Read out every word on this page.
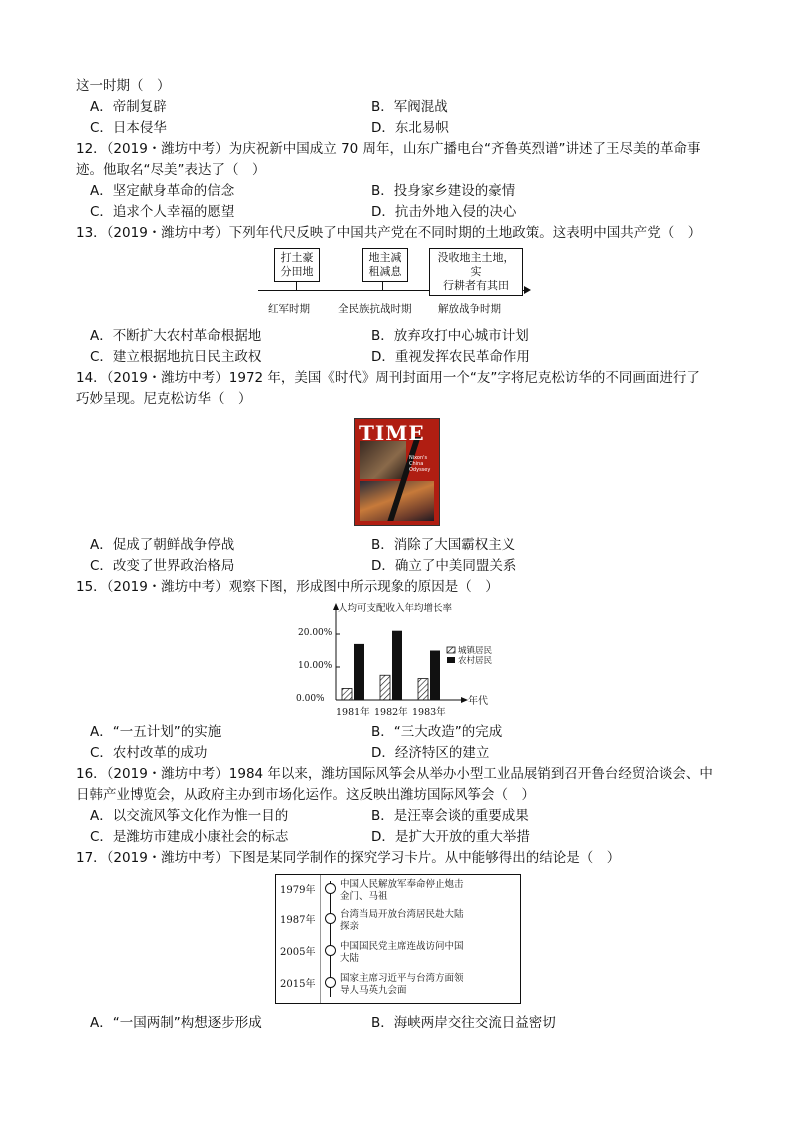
这一时期（　）
A．帝制复辟	B．军阀混战
C．日本侵华	D．东北易帜
12．（2019・潍坊中考）为庆祝新中国成立 70 周年，山东广播电台“齐鲁英烈谱”讲述了王尽美的革命事
迹。他取名“尽美”表达了（　）
A．坚定献身革命的信念	B．投身家乡建设的豪情
C．追求个人幸福的愿望	D．抗击外地入侵的决心
13．（2019・潍坊中考）下列年代尺反映了中国共产党在不同时期的土地政策。这表明中国共产党（　）
打土豪
分田地
地主减
租减息
没收地主土地，实
行耕者有其田
红军时期	全民族抗战时期	解放战争时期
A．不断扩大农村革命根据地	B．放弃攻打中心城市计划
C．建立根据地抗日民主政权	D．重视发挥农民革命作用
14．（2019・潍坊中考）1972 年，美国《时代》周刊封面用一个“友”字将尼克松访华的不同画面进行了
巧妙呈现。尼克松访华（　）
TIME
Nixon's
China
Odyssey
A．促成了朝鲜战争停战	B．消除了大国霸权主义
C．改变了世界政治格局	D．确立了中美同盟关系
15．（2019・潍坊中考）观察下图，形成图中所示现象的原因是（　）
人均可支配收入年均增长率
0.00%
10.00%
20.00%
城镇居民
农村居民
年代
1981年 1982年 1983年
A．“一五计划”的实施	B．“三大改造”的完成
C．农村改革的成功	D．经济特区的建立
16．（2019・潍坊中考）1984 年以来，潍坊国际风筝会从举办小型工业品展销到召开鲁台经贸洽谈会、中
日韩产业博览会，从政府主办到市场化运作。这反映出潍坊国际风筝会（　）
A．以交流风筝文化作为惟一目的	B．是汪辜会谈的重要成果
C．是潍坊市建成小康社会的标志	D．是扩大开放的重大举措
17．（2019・潍坊中考）下图是某同学制作的探究学习卡片。从中能够得出的结论是（　）
1979年
中国人民解放军奉命停止炮击
金门、马祖
1987年
台湾当局开放台湾居民赴大陆
探亲
2005年
中国国民党主席连战访问中国
大陆
2015年
国家主席习近平与台湾方面领
导人马英九会面
A．“一国两制”构想逐步形成	B．海峡两岸交往交流日益密切
